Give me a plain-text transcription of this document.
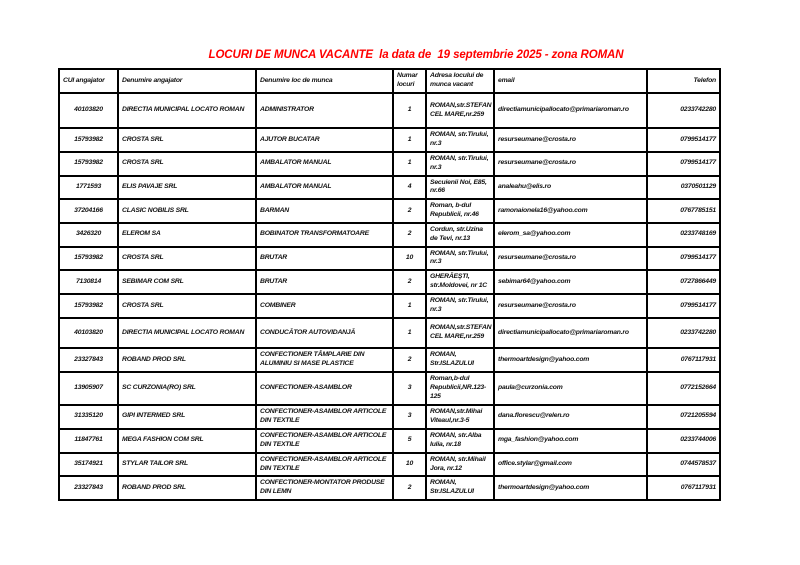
LOCURI DE MUNCA VACANTE  la data de  19 septembrie 2025 - zona ROMAN
CUI angajator	Denumire angajator	Denumire loc de munca	Numar locuri	Adresa locului de munca vacant	email	Telefon
40103820	DIRECTIA MUNICIPAL LOCATO ROMAN	ADMINISTRATOR	1	ROMAN,str.STEFAN CEL MARE,nr.259	directiamunicipallocato@primariaroman.ro	0233742280
15793982	CROSTA SRL	AJUTOR BUCATAR	1	ROMAN, str.Tirului, nr.3	resurseumane@crosta.ro	0799514177
15793982	CROSTA SRL	AMBALATOR MANUAL	1	ROMAN, str.Tirului, nr.3	resurseumane@crosta.ro	0799514177
1771593	ELIS PAVAJE SRL	AMBALATOR MANUAL	4	Secuienii Noi, E85, nr.66	analeahu@elis.ro	0370501129
37204166	CLASIC NOBILIS SRL	BARMAN	2	Roman, b-dul Republicii, nr.46	ramonaionela16@yahoo.com	0767785151
3426320	ELEROM SA	BOBINATOR TRANSFORMATOARE	2	Cordun, str.Uzina de Tevi, nr.13	elerom_sa@yahoo.com	0233748169
15793982	CROSTA SRL	BRUTAR	10	ROMAN, str.Tirului, nr.3	resurseumane@crosta.ro	0799514177
7130814	SEBIMAR COM SRL	BRUTAR	2	GHERĂEŞTI, str.Moldovei, nr 1C	sebimar64@yahoo.com	0727866449
15793982	CROSTA SRL	COMBINER	1	ROMAN, str.Tirului, nr.3	resurseumane@crosta.ro	0799514177
40103820	DIRECTIA MUNICIPAL LOCATO ROMAN	CONDUCĂTOR AUTOVIDANJĂ	1	ROMAN,str.STEFAN CEL MARE,nr.259	directiamunicipallocato@primariaroman.ro	0233742280
23327843	ROBAND PROD SRL	CONFECTIONER TÂMPLARIE DIN ALUMINIU SI MASE PLASTICE	2	ROMAN, Str.ISLAZULUI	thermoartdesign@yahoo.com	0767117931
13905907	SC CURZONIA(RO) SRL	CONFECTIONER-ASAMBLOR	3	Roman,b-dul Republicii,NR.123-125	paula@curzonia.com	0772152664
31335120	GIPI INTERMED SRL	CONFECTIONER-ASAMBLOR ARTICOLE DIN TEXTILE	3	ROMAN,str.Mihai Viteaul,nr.3-5	dana.florescu@relen.ro	0721205594
11847761	MEGA FASHION COM SRL	CONFECTIONER-ASAMBLOR ARTICOLE DIN TEXTILE	5	ROMAN, str.Alba Iulia, nr.18	mga_fashion@yahoo.com	0233744006
35174921	STYLAR TAILOR SRL	CONFECTIONER-ASAMBLOR ARTICOLE DIN TEXTILE	10	ROMAN, str.Mihail Jora, nr.12	office.stylar@gmail.com	0744578537
23327843	ROBAND PROD SRL	CONFECTIONER-MONTATOR PRODUSE DIN LEMN	2	ROMAN, Str.ISLAZULUI	thermoartdesign@yahoo.com	0767117931
